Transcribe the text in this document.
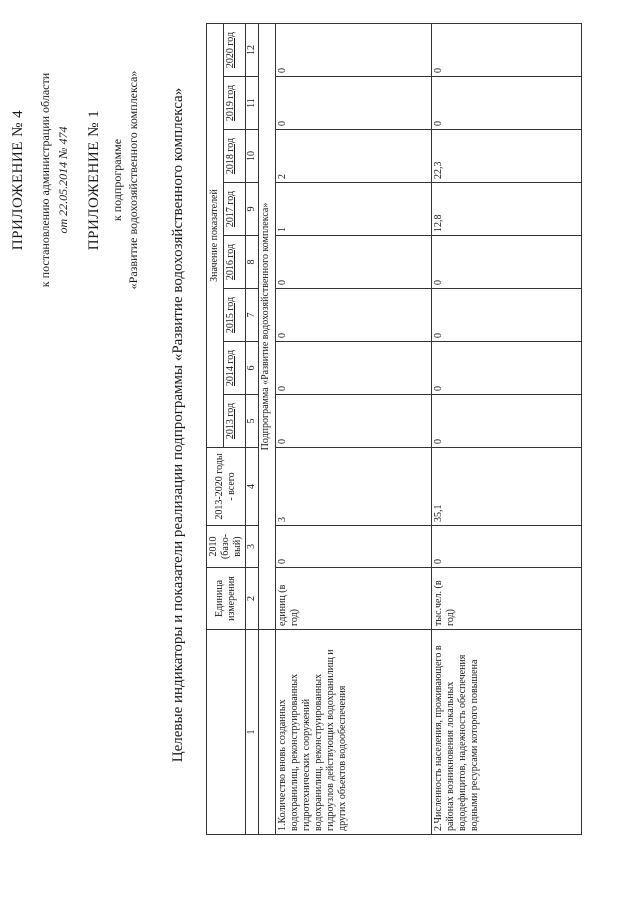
ПРИЛОЖЕНИЕ № 4 к постановлению администрации области от 22.05.2014 № 474 ПРИЛОЖЕНИЕ № 1 к подпрограмме «Развитие водохозяйственного комплекса» Целевые индикаторы и показатели реализации подпрограммы «Развитие водохозяйственного комплекса»
		Единица измерения	2010 (базо-вый)	2013-2020 годы - всего	Значение показателей							
				2013 год	2014 год	2015 год	2016 год	2017 год	2018 год	2019 год	2020 год
1	2	3	4	5	6	7	8	9	10	11	12
	Подпрограмма «Развитие водохозяйственного комплекса»										
1.Количество вновь созданных водохранилищ, реконструированных гидротехнических сооружений водохранилищ, реконструированных гидроузлов действующих водохранилищ и других объектов водообеспечения	единиц (в год)	0	3	0	0	0	0	1	2	0	0
2.Численность населения, проживающего в районах возникновения локальных вододефицитов, надежность обеспечения водными ресурсами которого повышена	тыс.чел. (в год)	0	35,1	0	0	0	0	12,8	22,3	0	0
